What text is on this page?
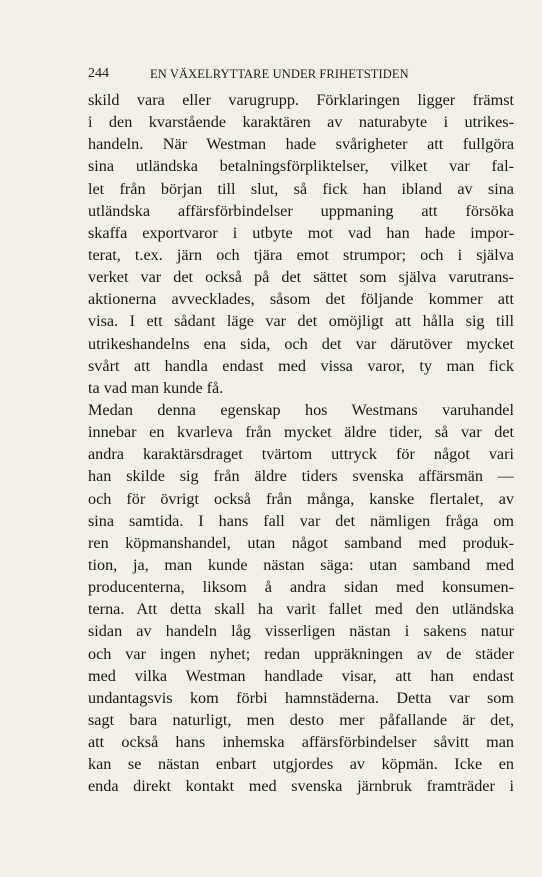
244	EN VÄXELRYTTARE UNDER FRIHETSTIDEN
skild vara eller varugrupp. Förklaringen ligger främst
i den kvarstående karaktären av naturabyte i utrikes-
handeln. När Westman hade svårigheter att fullgöra
sina utländska betalningsförpliktelser, vilket var fal-
let från början till slut, så fick han ibland av sina
utländska affärsförbindelser uppmaning att försöka
skaffa exportvaror i utbyte mot vad han hade impor-
terat, t.ex. järn och tjära emot strumpor; och i själva
verket var det också på det sättet som själva varutrans-
aktionerna avvecklades, såsom det följande kommer att
visa. I ett sådant läge var det omöjligt att hålla sig till
utrikeshandelns ena sida, och det var därutöver mycket
svårt att handla endast med vissa varor, ty man fick
ta vad man kunde få.
Medan denna egenskap hos Westmans varuhandel
innebar en kvarleva från mycket äldre tider, så var det
andra karaktärsdraget tvärtom uttryck för något vari
han skilde sig från äldre tiders svenska affärsmän —
och för övrigt också från många, kanske flertalet, av
sina samtida. I hans fall var det nämligen fråga om
ren köpmanshandel, utan något samband med produk-
tion, ja, man kunde nästan säga: utan samband med
producenterna, liksom å andra sidan med konsumen-
terna. Att detta skall ha varit fallet med den utländska
sidan av handeln låg visserligen nästan i sakens natur
och var ingen nyhet; redan uppräkningen av de städer
med vilka Westman handlade visar, att han endast
undantagsvis kom förbi hamnstäderna. Detta var som
sagt bara naturligt, men desto mer påfallande är det,
att också hans inhemska affärsförbindelser såvitt man
kan se nästan enbart utgjordes av köpmän. Icke en
enda direkt kontakt med svenska järnbruk framträder i
